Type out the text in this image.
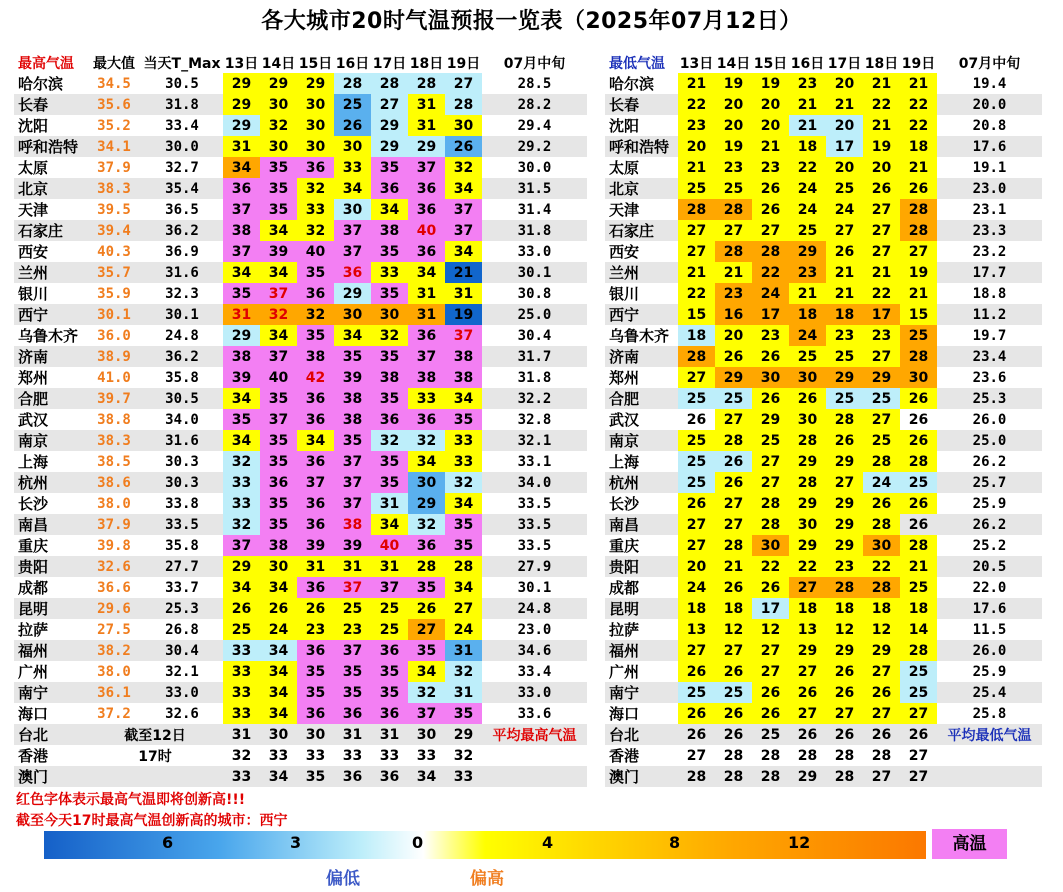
各大城市20时气温预报一览表（2025年07月12日）
最高气温	最大值	当天T_Max	13日	14日	15日	16日	17日	18日	19日	07月中旬
哈尔滨	34.5	30.5	29	29	29	28	28	28	27	28.5
长春	35.6	31.8	29	30	30	25	27	31	28	28.2
沈阳	35.2	33.4	29	32	30	26	29	31	30	29.4
呼和浩特	34.1	30.0	31	30	30	30	29	29	26	29.2
太原	37.9	32.7	34	35	36	33	35	37	32	30.0
北京	38.3	35.4	36	35	32	34	36	36	34	31.5
天津	39.5	36.5	37	35	33	30	34	36	37	31.4
石家庄	39.4	36.2	38	34	32	37	38	40	37	31.8
西安	40.3	36.9	37	39	40	37	35	36	34	33.0
兰州	35.7	31.6	34	34	35	36	33	34	21	30.1
银川	35.9	32.3	35	37	36	29	35	31	31	30.8
西宁	30.1	30.1	31	32	32	30	30	31	19	25.0
乌鲁木齐	36.0	24.8	29	34	35	34	32	36	37	30.4
济南	38.9	36.2	38	37	38	35	35	37	38	31.7
郑州	41.0	35.8	39	40	42	39	38	38	38	31.8
合肥	39.7	30.5	34	35	36	38	35	33	34	32.2
武汉	38.8	34.0	35	37	36	38	36	36	35	32.8
南京	38.3	31.6	34	35	34	35	32	32	33	32.1
上海	38.5	30.3	32	35	36	37	35	34	33	33.1
杭州	38.6	30.3	33	36	37	37	35	30	32	34.0
长沙	38.0	33.8	33	35	36	37	31	29	34	33.5
南昌	37.9	33.5	32	35	36	38	34	32	35	33.5
重庆	39.8	35.8	37	38	39	39	40	36	35	33.5
贵阳	32.6	27.7	29	30	31	31	31	28	28	27.9
成都	36.6	33.7	34	34	36	37	37	35	34	30.1
昆明	29.6	25.3	26	26	26	25	25	26	27	24.8
拉萨	27.5	26.8	25	24	23	23	25	27	24	23.0
福州	38.2	30.4	33	34	36	37	36	35	31	34.6
广州	38.0	32.1	33	34	35	35	35	34	32	33.4
南宁	36.1	33.0	33	34	35	35	35	32	31	33.0
海口	37.2	32.6	33	34	36	36	36	37	35	33.6
台北	截至12日		31	30	30	31	31	30	29	平均最高气温
香港	17时		32	33	33	33	33	33	32	
澳门			33	34	35	36	36	34	33	
最低气温	13日	14日	15日	16日	17日	18日	19日	07月中旬
哈尔滨	21	19	19	23	20	21	21	19.4
长春	22	20	20	21	21	22	22	20.0
沈阳	23	20	20	21	20	21	22	20.8
呼和浩特	20	19	21	18	17	19	18	17.6
太原	21	23	23	22	20	20	21	19.1
北京	25	25	26	24	25	26	26	23.0
天津	28	28	26	24	24	27	28	23.1
石家庄	27	27	27	25	27	27	28	23.3
西安	27	28	28	29	26	27	27	23.2
兰州	21	21	22	23	21	21	19	17.7
银川	22	23	24	21	21	22	21	18.8
西宁	15	16	17	18	18	17	15	11.2
乌鲁木齐	18	20	23	24	23	23	25	19.7
济南	28	26	26	25	25	27	28	23.4
郑州	27	29	30	30	29	29	30	23.6
合肥	25	25	26	26	25	25	26	25.3
武汉	26	27	29	30	28	27	26	26.0
南京	25	28	25	28	26	25	26	25.0
上海	25	26	27	29	29	28	28	26.2
杭州	25	26	27	28	27	24	25	25.7
长沙	26	27	28	29	29	26	26	25.9
南昌	27	27	28	30	29	28	26	26.2
重庆	27	28	30	29	29	30	28	25.2
贵阳	20	21	22	22	23	22	21	20.5
成都	24	26	26	27	28	28	25	22.0
昆明	18	18	17	18	18	18	18	17.6
拉萨	13	12	12	13	12	12	14	11.5
福州	27	27	27	29	29	29	28	26.0
广州	26	26	27	27	26	27	25	25.9
南宁	25	25	26	26	26	26	25	25.4
海口	26	26	26	27	27	27	27	25.8
台北	26	26	25	26	26	26	26	平均最低气温
香港	27	28	28	28	28	28	27	
澳门	28	28	28	29	28	27	27	
红色字体表示最高气温即将创新高!!!
截至今天17时最高气温创新高的城市：西宁
6	3	0	4	8	12	高温
偏低	偏高
